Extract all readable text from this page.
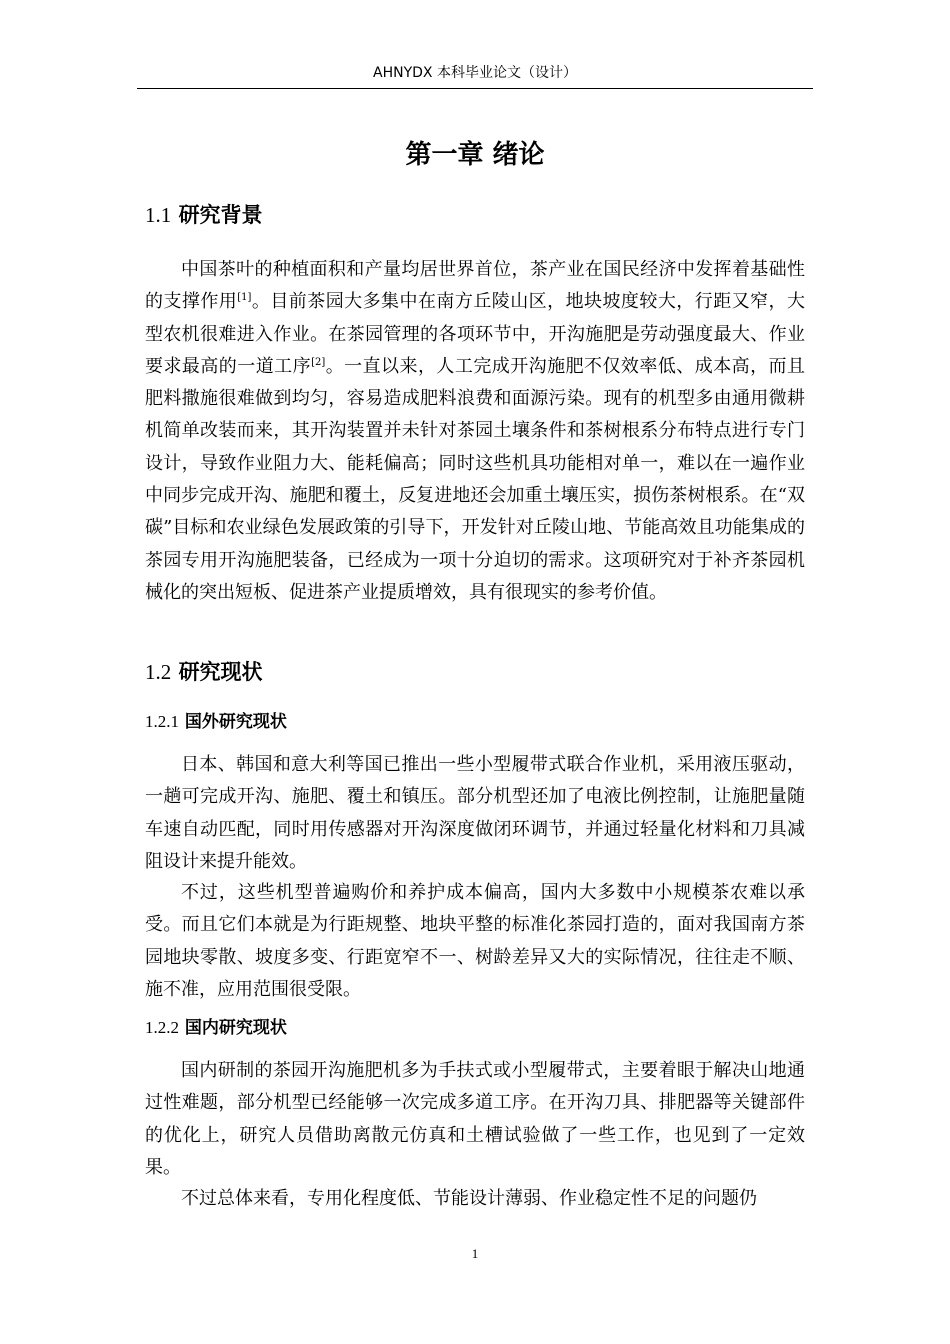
AHNYDX 本科毕业论文（设计）
第一章 绪论
1.1 研究背景

中国茶叶的种植面积和产量均居世界首位，茶产业在国民经济中发挥着基础性的支撑作用[1]。目前茶园大多集中在南方丘陵山区，地块坡度较大，行距又窄，大型农机很难进入作业。在茶园管理的各项环节中，开沟施肥是劳动强度最大、作业要求最高的一道工序[2]。一直以来，人工完成开沟施肥不仅效率低、成本高，而且肥料撒施很难做到均匀，容易造成肥料浪费和面源污染。现有的机型多由通用微耕机简单改装而来，其开沟装置并未针对茶园土壤条件和茶树根系分布特点进行专门设计，导致作业阻力大、能耗偏高；同时这些机具功能相对单一，难以在一遍作业中同步完成开沟、施肥和覆土，反复进地还会加重土壤压实，损伤茶树根系。在“双碳”目标和农业绿色发展政策的引导下，开发针对丘陵山地、节能高效且功能集成的茶园专用开沟施肥装备，已经成为一项十分迫切的需求。这项研究对于补齐茶园机械化的突出短板、促进茶产业提质增效，具有很现实的参考价值。

1.2 研究现状
1.2.1 国外研究现状

日本、韩国和意大利等国已推出一些小型履带式联合作业机，采用液压驱动，一趟可完成开沟、施肥、覆土和镇压。部分机型还加了电液比例控制，让施肥量随车速自动匹配，同时用传感器对开沟深度做闭环调节，并通过轻量化材料和刀具减阻设计来提升能效。

不过，这些机型普遍购价和养护成本偏高，国内大多数中小规模茶农难以承受。而且它们本就是为行距规整、地块平整的标准化茶园打造的，面对我国南方茶园地块零散、坡度多变、行距宽窄不一、树龄差异又大的实际情况，往往走不顺、施不准，应用范围很受限。

1.2.2 国内研究现状

国内研制的茶园开沟施肥机多为手扶式或小型履带式，主要着眼于解决山地通过性难题，部分机型已经能够一次完成多道工序。在开沟刀具、排肥器等关键部件的优化上，研究人员借助离散元仿真和土槽试验做了一些工作，也见到了一定效果。

不过总体来看，专用化程度低、节能设计薄弱、作业稳定性不足的问题仍

1
